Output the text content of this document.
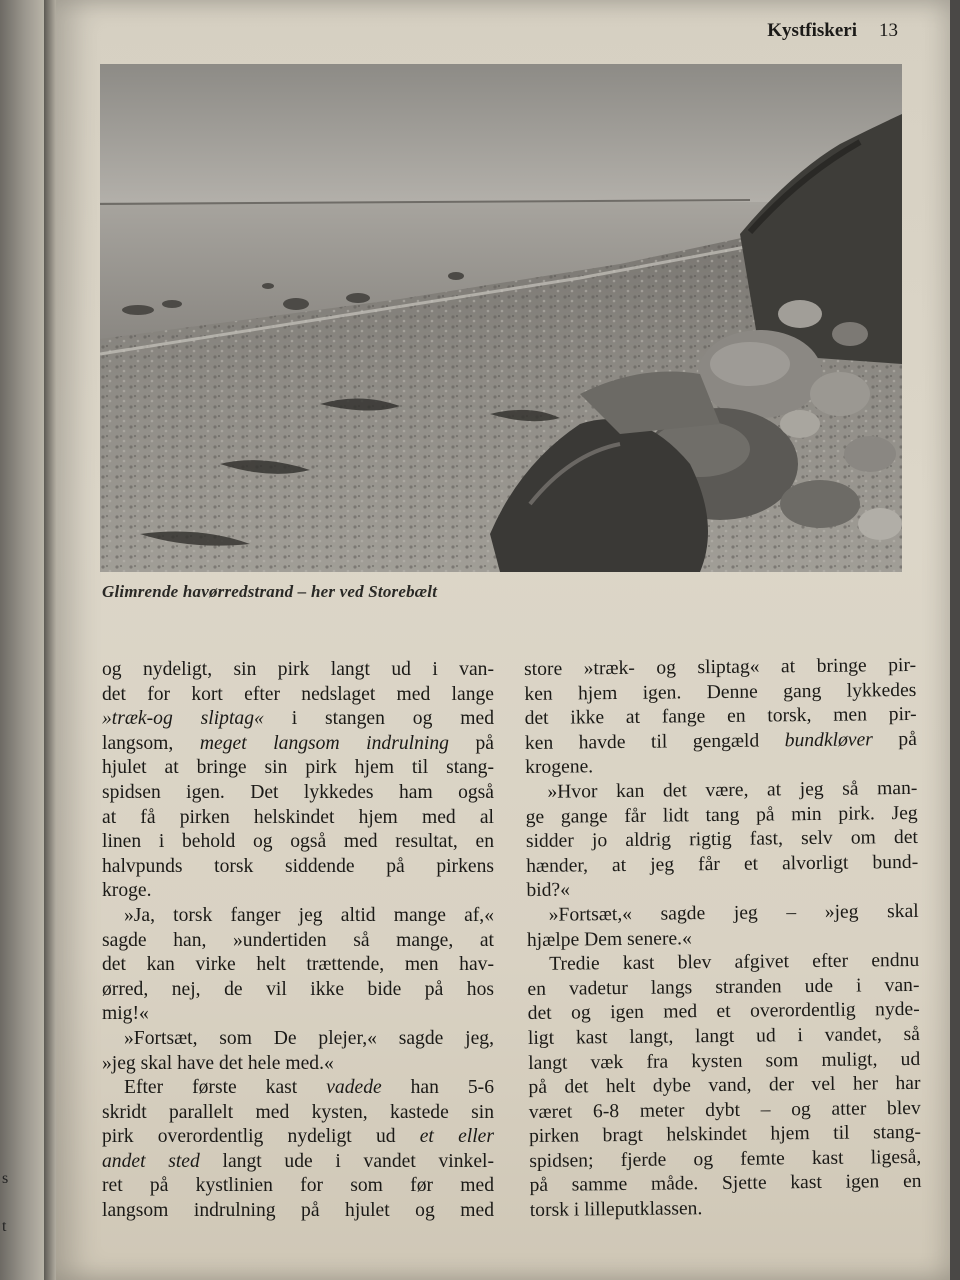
s
t
Kystfiskeri 13
Glimrende havørredstrand – her ved Storebælt
og nydeligt, sin pirk langt ud i van-
det for kort efter nedslaget med lange
»træk-og sliptag« i stangen og med
langsom, meget langsom indrulning på
hjulet at bringe sin pirk hjem til stang-
spidsen igen. Det lykkedes ham også
at få pirken helskindet hjem med al
linen i behold og også med resultat, en
halvpunds torsk siddende på pirkens
kroge.
»Ja, torsk fanger jeg altid mange af,«
sagde han, »undertiden så mange, at
det kan virke helt trættende, men hav-
ørred, nej, de vil ikke bide på hos
mig!«
»Fortsæt, som De plejer,« sagde jeg,
»jeg skal have det hele med.«
Efter første kast vadede han 5-6
skridt parallelt med kysten, kastede sin
pirk overordentlig nydeligt ud et eller
andet sted langt ude i vandet vinkel-
ret på kystlinien for som før med
langsom indrulning på hjulet og med
store »træk- og sliptag« at bringe pir-
ken hjem igen. Denne gang lykkedes
det ikke at fange en torsk, men pir-
ken havde til gengæld bundkløver på
krogene.
»Hvor kan det være, at jeg så man-
ge gange får lidt tang på min pirk. Jeg
sidder jo aldrig rigtig fast, selv om det
hænder, at jeg får et alvorligt bund-
bid?«
»Fortsæt,« sagde jeg – »jeg skal
hjælpe Dem senere.«
Tredie kast blev afgivet efter endnu
en vadetur langs stranden ude i van-
det og igen med et overordentlig nyde-
ligt kast langt, langt ud i vandet, så
langt væk fra kysten som muligt, ud
på det helt dybe vand, der vel her har
været 6-8 meter dybt – og atter blev
pirken bragt helskindet hjem til stang-
spidsen; fjerde og femte kast ligeså,
på samme måde. Sjette kast igen en
torsk i lilleputklassen.
